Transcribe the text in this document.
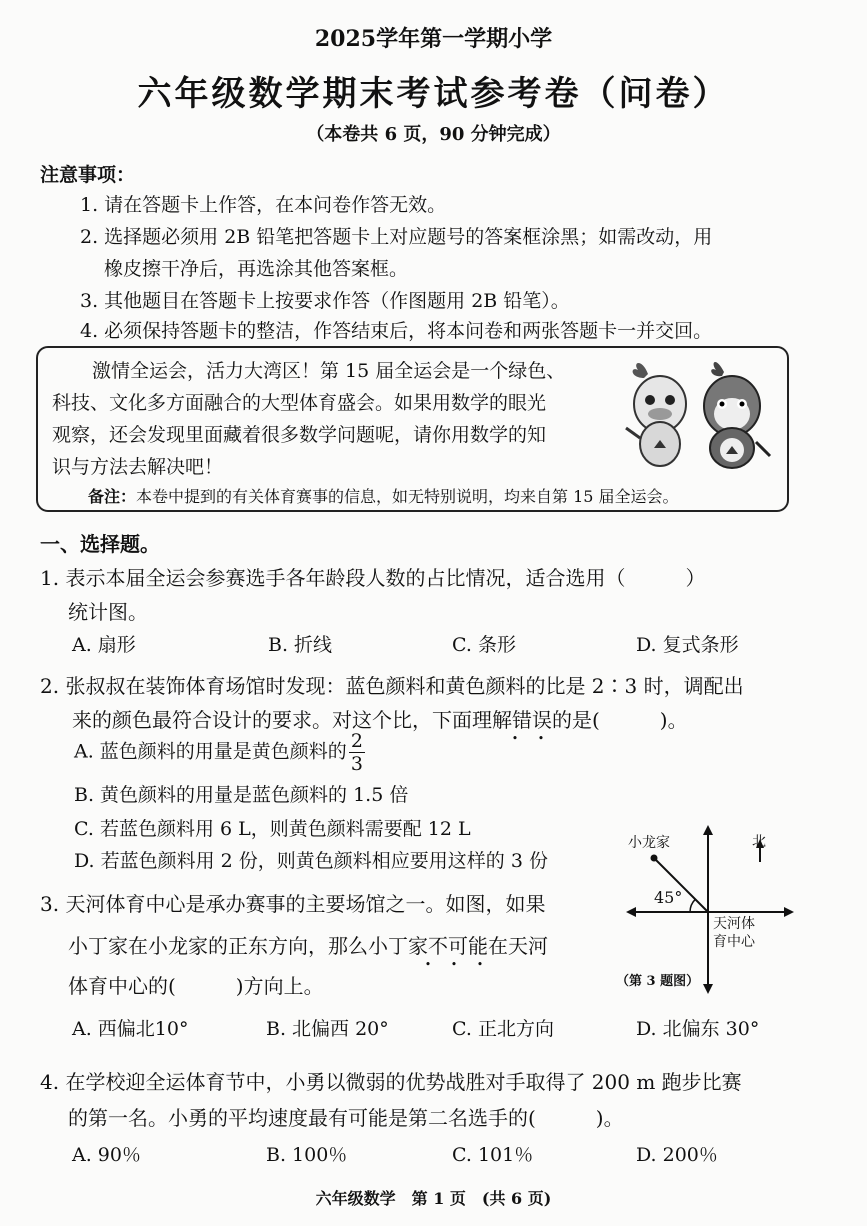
2025学年第一学期小学
六年级数学期末考试参考卷（问卷）
（本卷共 6 页，90 分钟完成）
注意事项：
1. 请在答题卡上作答，在本问卷作答无效。
2. 选择题必须用 2B 铅笔把答题卡上对应题号的答案框涂黑；如需改动，用
橡皮擦干净后，再选涂其他答案框。
3. 其他题目在答题卡上按要求作答（作图题用 2B 铅笔）。
4. 必须保持答题卡的整洁，作答结束后，将本问卷和两张答题卡一并交回。
激情全运会，活力大湾区！第 15 届全运会是一个绿色、
科技、文化多方面融合的大型体育盛会。如果用数学的眼光
观察，还会发现里面藏着很多数学问题呢，请你用数学的知
识与方法去解决吧！
备注：本卷中提到的有关体育赛事的信息，如无特别说明，均来自第 15 届全运会。
一、选择题。
1. 表示本届全运会参赛选手各年龄段人数的占比情况，适合选用（　　　）
统计图。
A. 扇形	B. 折线	C. 条形	D. 复式条形
2. 张叔叔在装饰体育场馆时发现：蓝色颜料和黄色颜料的比是 2∶3 时，调配出
来的颜色最符合设计的要求。对这个比，下面理解错误 • •的是(　　　)。
A. 蓝色颜料的用量是黄色颜料的 $\frac{2}{3}$
B. 黄色颜料的用量是蓝色颜料的 1.5 倍
C. 若蓝色颜料用 6 L，则黄色颜料需要配 12 L
D. 若蓝色颜料用 2 份，则黄色颜料相应要用这样的 3 份
3. 天河体育中心是承办赛事的主要场馆之一。如图，如果
小丁家在小龙家的正东方向，那么小丁家不可能 • • •在天河
体育中心的(　　　)方向上。
A. 西偏北10°	B. 北偏西 20°	C. 正北方向	D. 北偏东 30°
小龙家	北
45°
天河体
育中心
（第 3 题图）
4. 在学校迎全运体育节中，小勇以微弱的优势战胜对手取得了 200 m 跑步比赛
的第一名。小勇的平均速度最有可能是第二名选手的(　　　)。
A. 90％	B. 100％	C. 101％	D. 200％
六年级数学　第 1 页　(共 6 页)
